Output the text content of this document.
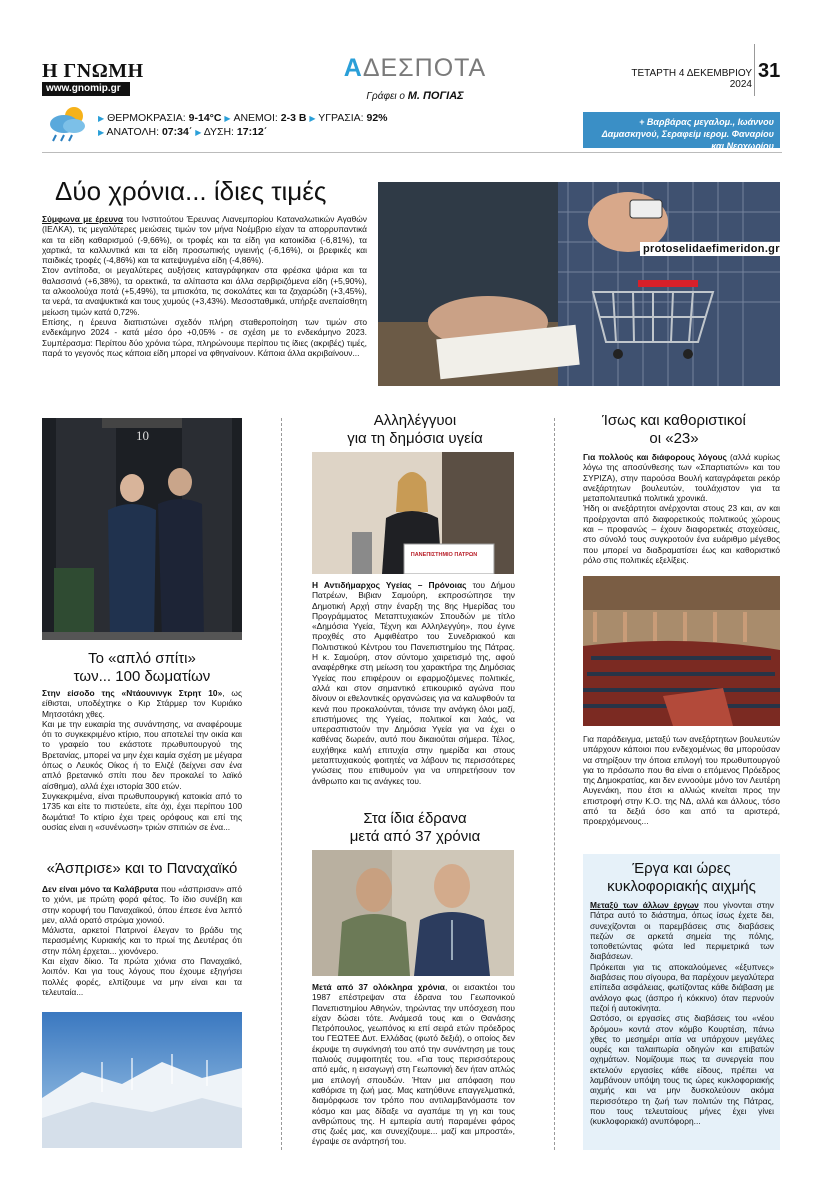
Η ΓΝΩΜΗ
www.gnomip.gr
ΑΔΕΣΠΟΤΑ
Γράφει ο Μ. ΠΟΓΙΑΣ
ΤΕΤΑΡΤΗ 4 ΔΕΚΕΜΒΡΙΟΥ 2024
31
▶ ΘΕΡΜΟΚΡΑΣΙΑ: 9-14°C ▶ ΑΝΕΜΟΙ: 2-3 Β ▶ ΥΓΡΑΣΙΑ: 92%
▶ ΑΝΑΤΟΛΗ: 07:34΄ ▶ ΔΥΣΗ: 17:12΄
+ Βαρβάρας μεγαλομ., Ιωάννου Δαμασκηνού, Σεραφείμ ιερομ. Φαναρίου και Νεοχωρίου
Δύο χρόνια... ίδιες τιμές

Σύμφωνα με έρευνα του Ινστιτούτου Έρευνας Λιανεμπορίου Καταναλωτικών Αγαθών (ΙΕΛΚΑ), τις μεγαλύτερες μειώσεις τιμών τον μήνα Νοέμβριο είχαν τα απορρυπαντικά και τα είδη καθαρισμού (-9,66%), οι τροφές και τα είδη για κατοικίδια (-6,81%), τα χαρτικά, τα καλλυντικά και τα είδη προσωπικής υγιεινής (-6,16%), οι βρεφικές και παιδικές τροφές (-4,86%) και τα κατεψυγμένα είδη (-4,86%).

Στον αντίποδα, οι μεγαλύτερες αυξήσεις καταγράφηκαν στα φρέσκα ψάρια και τα θαλασσινά (+6,38%), τα ορεκτικά, τα αλίπαστα και άλλα σερβιριζόμενα είδη (+5,90%), τα αλκοολούχα ποτά (+5,49%), τα μπισκότα, τις σοκολάτες και τα ζαχαρώδη (+3,45%), τα νερά, τα αναψυκτικά και τους χυμούς (+3,43%). Μεσοσταθμικά, υπήρξε ανεπαίσθητη μείωση τιμών κατά 0,72%.

Επίσης, η έρευνα διαπιστώνει σχεδόν πλήρη σταθεροποίηση των τιμών στο ενδεκάμηνο 2024 - κατά μέσο όρο +0,05% - σε σχέση με το ενδεκάμηνο 2023. Συμπέρασμα: Περίπου δύο χρόνια τώρα, πληρώνουμε περίπου τις ίδιες (ακριβές) τιμές, παρά το γεγονός πως κάποια είδη μπορεί να φθηναίνουν. Κάποια άλλα ακριβαίνουν...

protoselidaefimeridon.gr
10

Το «απλό σπίτι»
των... 100 δωματίων

Στην είσοδο της «Ντάουνινγκ Στρητ 10», ως είθισται, υποδέχτηκε ο Κιρ Στάρμερ τον Κυριάκο Μητσοτάκη χθες.

Και με την ευκαιρία της συνάντησης, να αναφέρουμε ότι το συγκεκριμένο κτίριο, που αποτελεί την οικία και το γραφείο του εκάστοτε πρωθυπουργού της Βρετανίας, μπορεί να μην έχει καμία σχέση με μέγαρα όπως ο Λευκός Οίκος ή το Ελιζέ (δείχνει σαν ένα απλό βρετανικό σπίτι που δεν προκαλεί το λαϊκό αίσθημα), αλλά έχει ιστορία 300 ετών.

Συγκεκριμένα, είναι πρωθυπουργική κατοικία από το 1735 και είτε το πιστεύετε, είτε όχι, έχει περίπου 100 δωμάτια! Το κτίριο έχει τρεις ορόφους και επί της ουσίας είναι η «συνένωση» τριών σπιτιών σε ένα...

«Άσπρισε» και το Παναχαϊκό

Δεν είναι μόνο τα Καλάβρυτα που «άσπρισαν» από το χιόνι, με πρώτη φορά φέτος. Το ίδιο συνέβη και στην κορυφή του Παναχαϊκού, όπου έπεσε ένα λεπτό μεν, αλλά ορατό στρώμα χιονιού.

Μάλιστα, αρκετοί Πατρινοί έλεγαν το βράδυ της περασμένης Κυριακής και το πρωί της Δευτέρας ότι στην πόλη έρχεται... χιονόνερο.

Και είχαν δίκιο. Τα πρώτα χιόνια στο Παναχαϊκό, λοιπόν. Και για τους λόγους που έχουμε εξηγήσει πολλές φορές, ελπίζουμε να μην είναι και τα τελευταία...

Αλληλέγγυοι
για τη δημόσια υγεία

ΠΑΝΕΠΙΣΤΗΜΙΟ ΠΑΤΡΩΝ

Η Αντιδήμαρχος Υγείας – Πρόνοιας του Δήμου Πατρέων, Βιβιαν Σαμούρη, εκπροσώπησε την Δημοτική Αρχή στην έναρξη της 8ης Ημερίδας του Προγράμματος Μεταπτυχιακών Σπουδών με τίτλο «Δημόσια Υγεία, Τέχνη και Αλληλεγγύη», που έγινε προχθές στο Αμφιθέατρο του Συνεδριακού και Πολιτιστικού Κέντρου του Πανεπιστημίου της Πάτρας. Η κ. Σαμούρη, στον σύντομο χαιρετισμό της, αφού αναφέρθηκε στη μείωση του χαρακτήρα της Δημόσιας Υγείας που επιφέρουν οι εφαρμοζόμενες πολιτικές, αλλά και στον σημαντικό επικουρικό αγώνα που δίνουν οι εθελοντικές οργανώσεις για να καλυφθούν τα κενά που προκαλούνται, τόνισε την ανάγκη όλοι μαζί, επιστήμονες της Υγείας, πολιτικοί και λαός, να υπερασπιστούν την Δημόσια Υγεία για να έχει ο καθένας δωρεάν, αυτό που δικαιούται σήμερα. Τέλος, ευχήθηκε καλή επιτυχία στην ημερίδα και στους μεταπτυχιακούς φοιτητές να λάβουν τις περισσότερες γνώσεις που επιθυμούν για να υπηρετήσουν τον άνθρωπο και τις ανάγκες του.

Στα ίδια έδρανα
μετά από 37 χρόνια

Μετά από 37 ολόκληρα χρόνια, οι εισακτέοι του 1987 επέστρεψαν στα έδρανα του Γεωπονικού Πανεπιστημίου Αθηνών, τηρώντας την υπόσχεση που είχαν δώσει τότε. Ανάμεσά τους και ο Θανάσης Πετρόπουλος, γεωπόνος κι επί σειρά ετών πρόεδρος του ΓΕΩΤΕΕ Δυτ. Ελλάδας (φωτό δεξιά), ο οποίος δεν έκρυψε τη συγκίνησή του από την συνάντηση με τους παλιούς συμφοιτητές του. «Για τους περισσότερους από εμάς, η εισαγωγή στη Γεωπονική δεν ήταν απλώς μια επιλογή σπουδών. Ήταν μια απόφαση που καθόρισε τη ζωή μας. Μας κατηύθυνε επαγγελματικά, διαμόρφωσε τον τρόπο που αντιλαμβανόμαστε τον κόσμο και μας δίδαξε να αγαπάμε τη γη και τους ανθρώπους της. Η εμπειρία αυτή παραμένει φάρος στις ζωές μας, και συνεχίζουμε... μαζί και μπροστά», έγραψε σε ανάρτησή του.

Ίσως και καθοριστικοί
οι «23»

Για πολλούς και διάφορους λόγους (αλλά κυρίως λόγω της αποσύνθεσης των «Σπαρτιατών» και του ΣΥΡΙΖΑ), στην παρούσα Βουλή καταγράφεται ρεκόρ ανεξάρτητων βουλευτών, τουλάχιστον για τα μεταπολιτευτικά πολιτικά χρονικά.

Ήδη οι ανεξάρτητοι ανέρχονται στους 23 και, αν και προέρχονται από διαφορετικούς πολιτικούς χώρους και – προφανώς – έχουν διαφορετικές στοχεύσεις, στο σύνολό τους συγκροτούν ένα ευάριθμο μέγεθος που μπορεί να διαδραματίσει έως και καθοριστικό ρόλο στις πολιτικές εξελίξεις.

Για παράδειγμα, μεταξύ των ανεξάρτητων βουλευτών υπάρχουν κάποιοι που ενδεχομένως θα μπορούσαν να στηρίξουν την όποια επιλογή του πρωθυπουργού για το πρόσωπο που θα είναι ο επόμενος Πρόεδρος της Δημοκρατίας, και δεν εννοούμε μόνο τον Λευτέρη Αυγενάκη, που έτσι κι αλλιώς κινείται προς την επιστροφή στην Κ.Ο. της ΝΔ, αλλά και άλλους, τόσο από τα δεξιά όσο και από τα αριστερά, προερχόμενους...

Έργα και ώρες
κυκλοφοριακής αιχμής

Μεταξύ των άλλων έργων που γίνονται στην Πάτρα αυτό το διάστημα, όπως ίσως έχετε δει, συνεχίζονται οι παρεμβάσεις στις διαβάσεις πεζών σε αρκετά σημεία της πόλης, τοποθετώντας φώτα led περιμετρικά των διαβάσεων.

Πρόκειται για τις αποκαλούμενες «έξυπνες» διαβάσεις που σίγουρα, θα παρέχουν μεγαλύτερα επίπεδα ασφάλειας, φωτίζοντας κάθε διάβαση με ανάλογο φως (άσπρο ή κόκκινο) όταν περνούν πεζοί ή αυτοκίνητα.

Ωστόσο, οι εργασίες στις διαβάσεις του «νέου δρόμου» κοντά στον κόμβο Κουρτέση, πάνω χθες το μεσημέρι αιτία να υπάρχουν μεγάλες ουρές και ταλαιπωρία οδηγών και επιβατών οχημάτων. Νομίζουμε πως τα συνεργεία που εκτελούν εργασίες κάθε είδους, πρέπει να λαμβάνουν υπόψη τους τις ώρες κυκλοφοριακής αιχμής και να μην δυσκολεύουν ακόμα περισσότερο τη ζωή των πολιτών της Πάτρας, που τους τελευταίους μήνες έχει γίνει (κυκλοφοριακά) ανυπόφορη...
